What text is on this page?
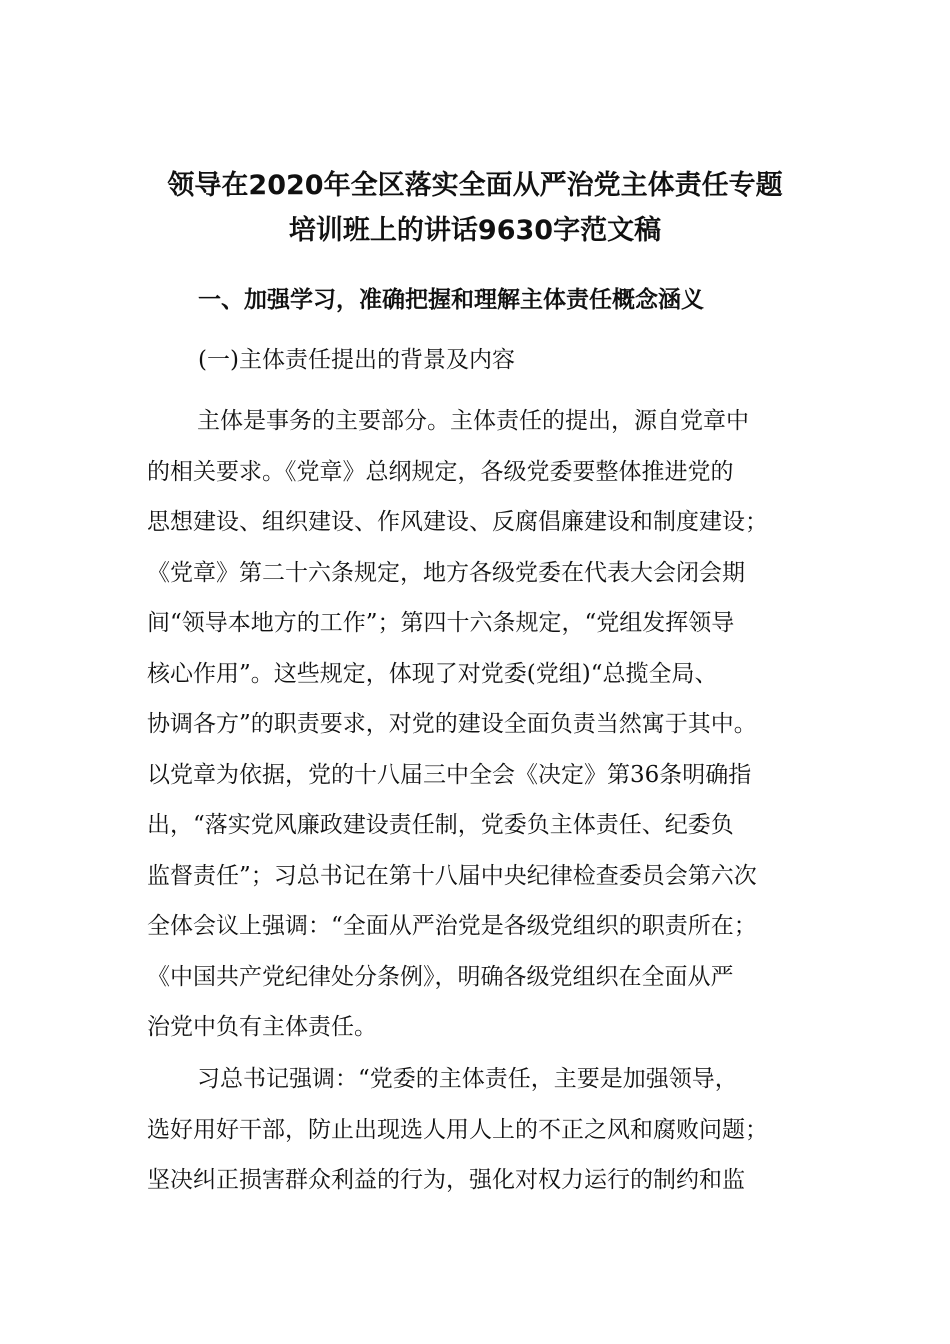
领导在2020年全区落实全面从严治党主体责任专题
培训班上的讲话9630字范文稿
一、加强学习，准确把握和理解主体责任概念涵义
(一)主体责任提出的背景及内容
主体是事务的主要部分。主体责任的提出，源自党章中
的相关要求。《党章》总纲规定，各级党委要整体推进党的
思想建设、组织建设、作风建设、反腐倡廉建设和制度建设；
《党章》第二十六条规定，地方各级党委在代表大会闭会期
间“领导本地方的工作”；第四十六条规定，“党组发挥领导
核心作用”。这些规定，体现了对党委(党组)“总揽全局、
协调各方”的职责要求，对党的建设全面负责当然寓于其中。
以党章为依据，党的十八届三中全会《决定》第36条明确指
出，“落实党风廉政建设责任制，党委负主体责任、纪委负
监督责任”；习总书记在第十八届中央纪律检查委员会第六次
全体会议上强调：“全面从严治党是各级党组织的职责所在；
《中国共产党纪律处分条例》，明确各级党组织在全面从严
治党中负有主体责任。
习总书记强调：“党委的主体责任，主要是加强领导，
选好用好干部，防止出现选人用人上的不正之风和腐败问题；
坚决纠正损害群众利益的行为，强化对权力运行的制约和监
